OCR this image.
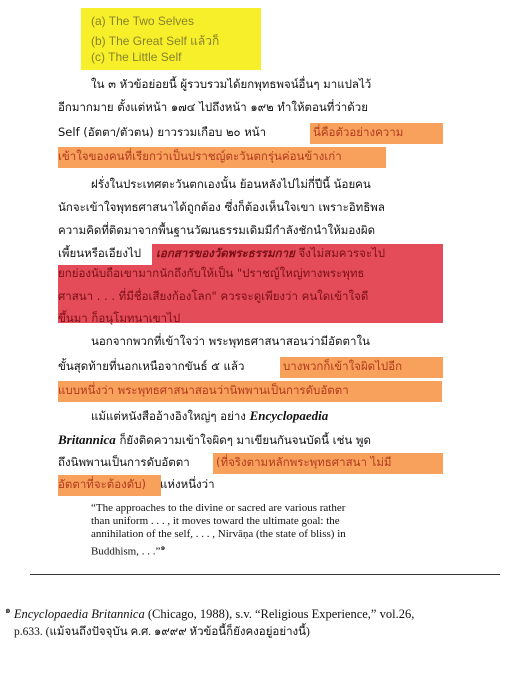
(a) The Two Selves
(b) The Great Self แล้วก็
(c) The Little Self
ใน ๓ หัวข้อย่อยนี้ ผู้รวบรวมได้ยกพุทธพจน์อื่นๆ มาแปลไว้
อีกมากมาย ตั้งแต่หน้า ๑๗๔ ไปถึงหน้า ๑๙๒ ทำให้ตอนที่ว่าด้วย
Self (อัตตา/ตัวตน) ยาวรวมเกือบ ๒๐ หน้า	นี่คือตัวอย่างความ
เข้าใจของคนที่เรียกว่าเป็นปราชญ์ตะวันตกรุ่นค่อนข้างเก่า
ฝรั่งในประเทศตะวันตกเองนั้น ย้อนหลังไปไม่กี่ปีนี้ น้อยคน
นักจะเข้าใจพุทธศาสนาได้ถูกต้อง ซึ่งก็ต้องเห็นใจเขา เพราะอิทธิพล
ความคิดที่ติดมาจากพื้นฐานวัฒนธรรมเดิมมีกำลังชักนำให้มองผิด
เพี้ยนหรือเอียงไป เอกสารของวัดพระธรรมกาย จึงไม่สมควรจะไป
ยกย่องนับถือเขามากนักถึงกับให้เป็น "ปราชญ์ใหญ่ทางพระพุทธ
ศาสนา . . . ที่มีชื่อเสียงก้องโลก" ควรจะดูเพียงว่า คนใดเข้าใจดี
ขึ้นมา ก็อนุโมทนาเขาไป
นอกจากพวกที่เข้าใจว่า พระพุทธศาสนาสอนว่ามีอัตตาใน
ขั้นสุดท้ายที่นอกเหนือจากขันธ์ ๕ แล้ว	บางพวกก็เข้าใจผิดไปอีก
แบบหนึ่งว่า พระพุทธศาสนาสอนว่านิพพานเป็นการดับอัตตา
แม้แต่หนังสืออ้างอิงใหญ่ๆ อย่าง Encyclopaedia
Britannica ก็ยังติดความเข้าใจผิดๆ มาเขียนกันจนบัดนี้ เช่น พูด
ถึงนิพพานเป็นการดับอัตตา (ที่จริงตามหลักพระพุทธศาสนา ไม่มี
อัตตาที่จะต้องดับ) แห่งหนึ่งว่า
“The approaches to the divine or sacred are various rather
than uniform . . . , it moves toward the ultimate goal: the
annihilation of the self, . . . , Nirvāṇa (the state of bliss) in
Buddhism, . . .”$^๑$
$^๑$ Encyclopaedia Britannica (Chicago, 1988), s.v. “Religious Experience,” vol.26,
p.633. (แม้จนถึงปัจจุบัน ค.ศ. ๑๙๙๙ หัวข้อนี้ก็ยังคงอยู่อย่างนี้)
